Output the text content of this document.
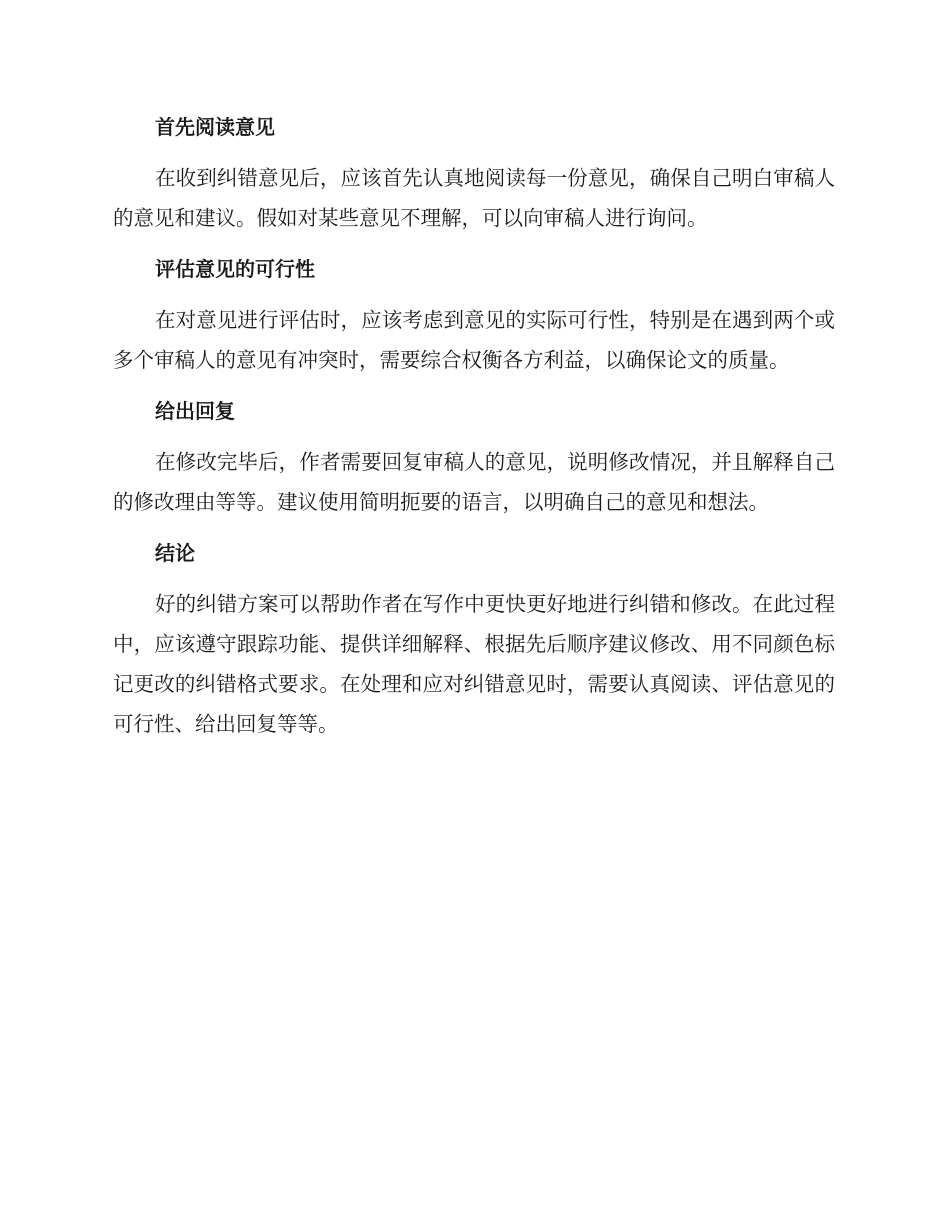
首先阅读意见

在收到纠错意见后，应该首先认真地阅读每一份意见，确保自己明白审稿人的意见和建议。假如对某些意见不理解，可以向审稿人进行询问。

评估意见的可行性

在对意见进行评估时，应该考虑到意见的实际可行性，特别是在遇到两个或多个审稿人的意见有冲突时，需要综合权衡各方利益，以确保论文的质量。

给出回复

在修改完毕后，作者需要回复审稿人的意见，说明修改情况，并且解释自己的修改理由等等。建议使用简明扼要的语言，以明确自己的意见和想法。

结论

好的纠错方案可以帮助作者在写作中更快更好地进行纠错和修改。在此过程中，应该遵守跟踪功能、提供详细解释、根据先后顺序建议修改、用不同颜色标记更改的纠错格式要求。在处理和应对纠错意见时，需要认真阅读、评估意见的可行性、给出回复等等。
